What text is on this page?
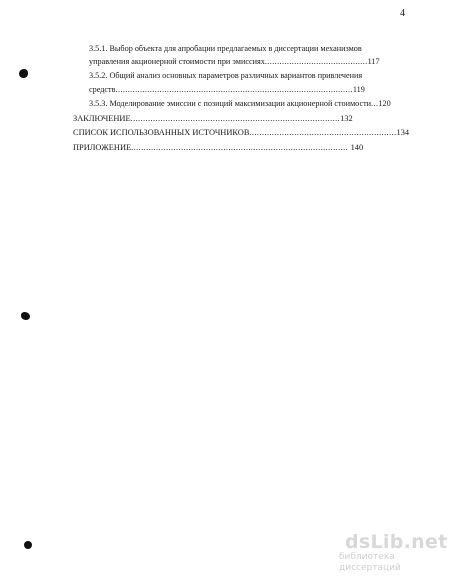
4
3.5.1. Выбор объекта для апробации предлагаемых в диссертации механизмов
управления акционерной стоимости при эмиссиях..........................................117
3.5.2. Общий анализ основных параметров различных вариантов привлечения
средств.................................................................................................119
3.5.3. Моделирование эмиссии с позиций максимизации акционерной стоимости...120
ЗАКЛЮЧЕНИЕ....................................................................................132
СПИСОК ИСПОЛЬЗОВАННЫХ ИСТОЧНИКОВ...........................................................134
ПРИЛОЖЕНИЕ....................................................................................... 140
dsLib.net
библиотека диссертаций
